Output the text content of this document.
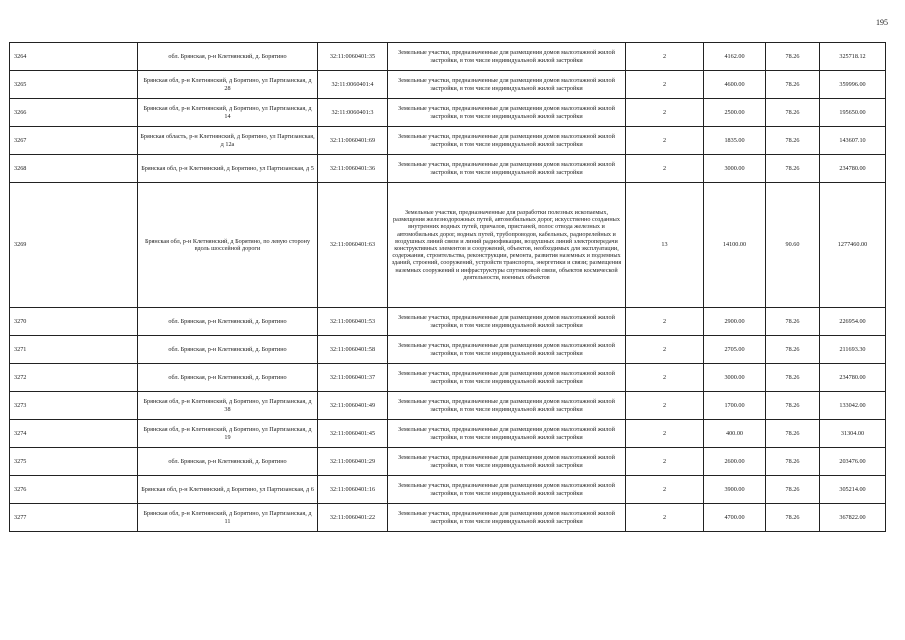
195
3264	обл. Брянская, р-н Клетнянский, д. Борятино	32:11:0060401:35	Земельные участки, предназначенные для размещения домов малоэтажной жилой застройки, в том числе индивидуальной жилой застройки	2	4162.00	78.26	325718.12
3265	Брянская обл, р-н Клетнянский, д Борятино, ул Партизанская, д 28	32:11:0060401:4	Земельные участки, предназначенные для размещения домов малоэтажной жилой застройки, в том числе индивидуальной жилой застройки	2	4600.00	78.26	359996.00
3266	Брянская обл, р-н Клетнянский, д Борятино, ул Партизанская, д 14	32:11:0060401:3	Земельные участки, предназначенные для размещения домов малоэтажной жилой застройки, в том числе индивидуальной жилой застройки	2	2500.00	78.26	195650.00
3267	Брянская область, р-н Клетнянский, д Борятино, ул Партизанская, д 12а	32:11:0060401:69	Земельные участки, предназначенные для размещения домов малоэтажной жилой застройки, в том числе индивидуальной жилой застройки	2	1835.00	78.26	143607.10
3268	Брянская обл, р-н Клетнянский, д Борятино, ул Партизанская, д 5	32:11:0060401:36	Земельные участки, предназначенные для размещения домов малоэтажной жилой застройки, в том числе индивидуальной жилой застройки	2	3000.00	78.26	234780.00
3269	Брянская обл, р-н Клетнянский, д Борятино, по левую сторону вдоль шоссейной дороги	32:11:0060401:63	Земельные участки, предназначенные для разработки полезных ископаемых, размещения железнодорожных путей, автомобильных дорог, искусственно созданных внутренних водных путей, причалов, пристаней, полос отвода железных и автомобильных дорог, водных путей, трубопроводов, кабельных, радиорелейных и воздушных линий связи и линий радиофикации, воздушных линий электропередачи конструктивных элементов и сооружений, объектов, необходимых для эксплуатации, содержания, строительства, реконструкции, ремонта, развития наземных и подземных зданий, строений, сооружений, устройств транспорта, энергетики и связи; размещения наземных сооружений и инфраструктуры спутниковой связи, объектов космической деятельности, военных объектов	13	14100.00	90.60	1277460.00
3270	обл. Брянская, р-н Клетнянский, д. Борятино	32:11:0060401:53	Земельные участки, предназначенные для размещения домов малоэтажной жилой застройки, в том числе индивидуальной жилой застройки	2	2900.00	78.26	226954.00
3271	обл. Брянская, р-н Клетнянский, д. Борятино	32:11:0060401:58	Земельные участки, предназначенные для размещения домов малоэтажной жилой застройки, в том числе индивидуальной жилой застройки	2	2705.00	78.26	211693.30
3272	обл. Брянская, р-н Клетнянский, д. Борятино	32:11:0060401:37	Земельные участки, предназначенные для размещения домов малоэтажной жилой застройки, в том числе индивидуальной жилой застройки	2	3000.00	78.26	234780.00
3273	Брянская обл, р-н Клетнянский, д Борятино, ул Партизанская, д 38	32:11:0060401:49	Земельные участки, предназначенные для размещения домов малоэтажной жилой застройки, в том числе индивидуальной жилой застройки	2	1700.00	78.26	133042.00
3274	Брянская обл, р-н Клетнянский, д Борятино, ул Партизанская, д 19	32:11:0060401:45	Земельные участки, предназначенные для размещения домов малоэтажной жилой застройки, в том числе индивидуальной жилой застройки	2	400.00	78.26	31304.00
3275	обл. Брянская, р-н Клетнянский, д. Борятино	32:11:0060401:29	Земельные участки, предназначенные для размещения домов малоэтажной жилой застройки, в том числе индивидуальной жилой застройки	2	2600.00	78.26	203476.00
3276	Брянская обл, р-н Клетнянский, д Борятино, ул Партизанская, д 6	32:11:0060401:16	Земельные участки, предназначенные для размещения домов малоэтажной жилой застройки, в том числе индивидуальной жилой застройки	2	3900.00	78.26	305214.00
3277	Брянская обл, р-н Клетнянский, д Борятино, ул Партизанская, д 11	32:11:0060401:22	Земельные участки, предназначенные для размещения домов малоэтажной жилой застройки, в том числе индивидуальной жилой застройки	2	4700.00	78.26	367822.00
